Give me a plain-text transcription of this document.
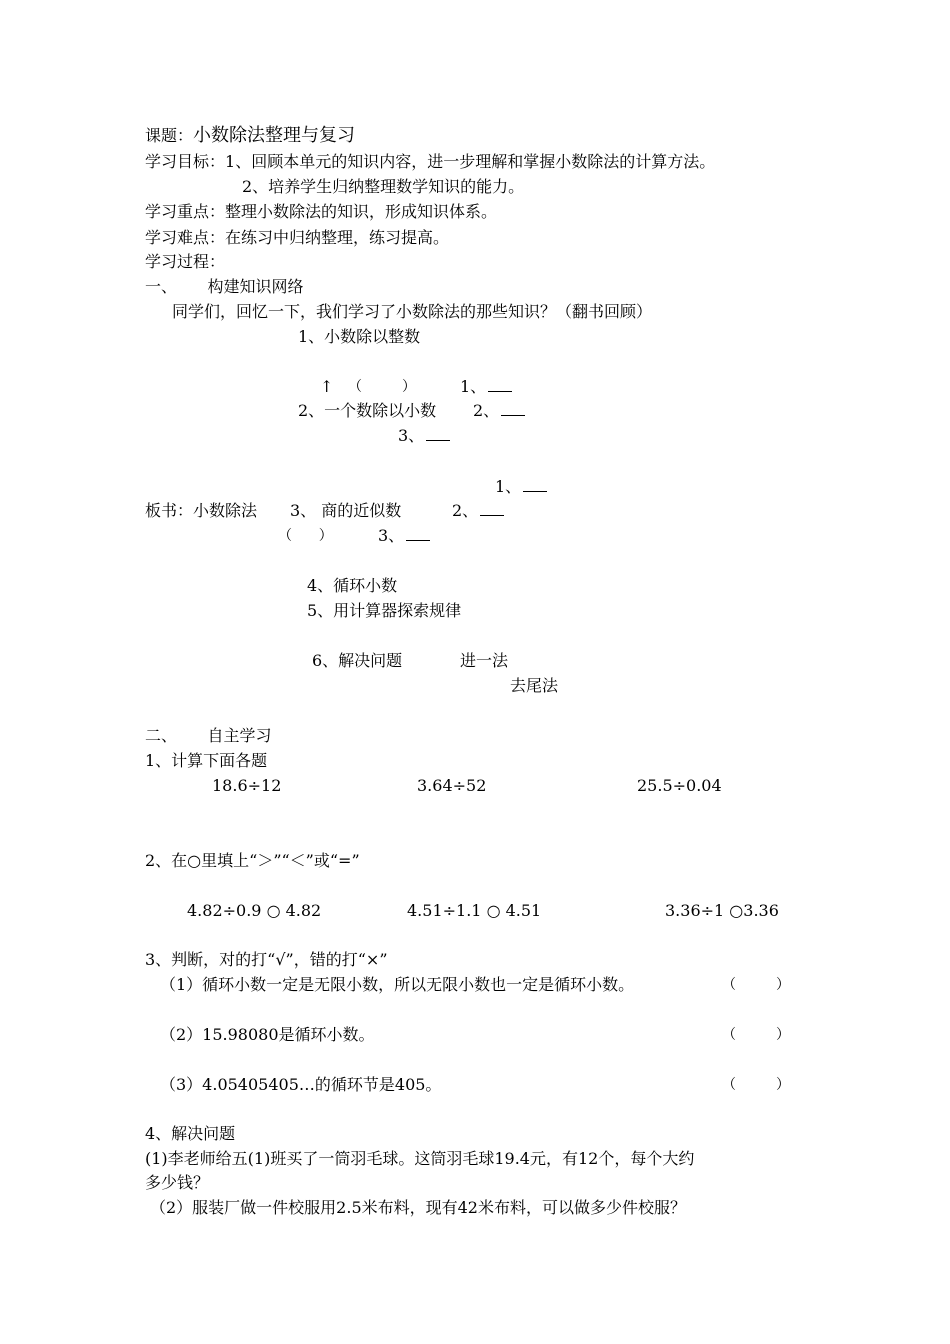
课题：小数除法整理与复习
学习目标：1、回顾本单元的知识内容，进一步理解和掌握小数除法的计算方法。
2、培养学生归纳整理数学知识的能力。
学习重点：整理小数除法的知识，形成知识体系。
学习难点：在练习中归纳整理，练习提高。
学习过程：
一、      构建知识网络
同学们，回忆一下，我们学习了小数除法的那些知识？（翻书回顾）
1、小数除以整数
↑ （         ）	1、
2、一个数除以小数 2、
3、
1、
板书：小数除法 3、 商的近似数	2、
（      ）	3、
4、循环小数
5、用计算器探索规律
6、解决问题	进一法
去尾法
二、      自主学习
1、计算下面各题
18.6÷12	3.64÷52	25.5÷0.04
2、在○里填上“＞”“＜”或“=”
4.82÷0.9 ○ 4.82	4.51÷1.1 ○ 4.51	3.36÷1 ○3.36
3、判断，对的打“√”，错的打“×”
（1）循环小数一定是无限小数，所以无限小数也一定是循环小数。	（         ）
（2）15.98080是循环小数。	（         ）
（3）4.05405405…的循环节是405。	（         ）
4、解决问题
(1)李老师给五(1)班买了一筒羽毛球。这筒羽毛球19.4元，有12个，每个大约
多少钱？
（2）服装厂做一件校服用2.5米布料，现有42米布料，可以做多少件校服？
